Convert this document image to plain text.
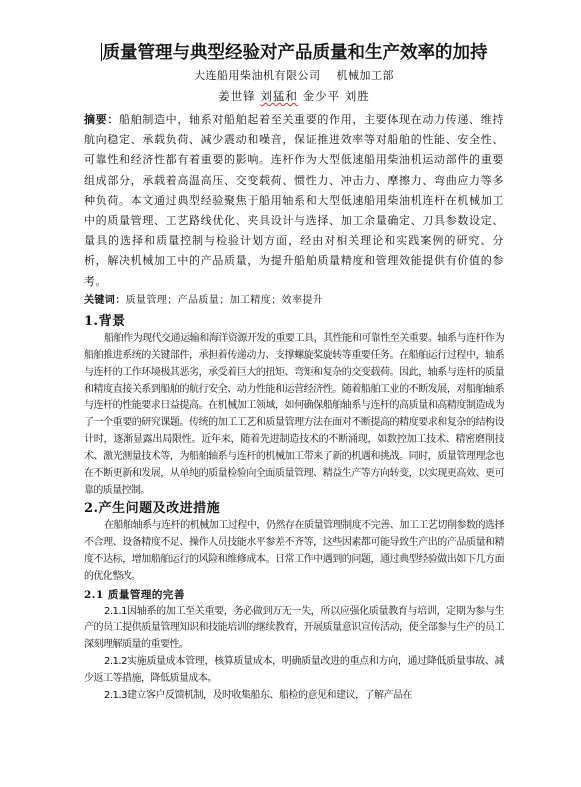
质量管理与典型经验对产品质量和生产效率的加持
大连船用柴油机有限公司 机械加工部
姜世锋 刘猛和 金少平 刘胜

摘要：船舶制造中，轴系对船舶起着至关重要的作用，主要体现在动力传递、维持航向稳定、承载负荷、减少震动和噪音，保证推进效率等对船舶的性能、安全性、可靠性和经济性都有着重要的影响。连杆作为大型低速船用柴油机运动部件的重要组成部分，承载着高温高压、交变载荷、惯性力、冲击力、摩擦力、弯曲应力等多种负荷。本文通过典型经验聚焦于船用轴系和大型低速船用柴油机连杆在机械加工中的质量管理、工艺路线优化、夹具设计与选择、加工余量确定、刀具参数设定、量具的选择和质量控制与检验计划方面，经由对相关理论和实践案例的研究、分析，解决机械加工中的产品质量，为提升船舶质量精度和管理效能提供有价值的参考。

关键词：质量管理；产品质量；加工精度；效率提升

1.背景

船舶作为现代交通运输和海洋资源开发的重要工具，其性能和可靠性至关重要。轴系与连杆作为船舶推进系统的关键部件，承担着传递动力、支撑螺旋桨旋转等重要任务。在船舶运行过程中，轴系与连杆的工作环境极其恶劣，承受着巨大的扭矩、弯矩和复杂的交变载荷。因此，轴系与连杆的质量和精度直接关系到船舶的航行安全、动力性能和运营经济性。随着船舶工业的不断发展，对船舶轴系与连杆的性能要求日益提高。在机械加工领域，如何确保船舶轴系与连杆的高质量和高精度制造成为了一个重要的研究课题。传统的加工工艺和质量管理方法在面对不断提高的精度要求和复杂的结构设计时，逐渐显露出局限性。近年来，随着先进制造技术的不断涌现，如数控加工技术、精密磨削技术、激光测量技术等，为船舶轴系与连杆的机械加工带来了新的机遇和挑战。同时，质量管理理念也在不断更新和发展，从单纯的质量检验向全面质量管理、精益生产等方向转变，以实现更高效、更可靠的质量控制。

2.产生问题及改进措施

在船舶轴系与连杆的机械加工过程中，仍然存在质量管理制度不完善、加工工艺切削参数的选择不合理、设备精度不足、操作人员技能水平参差不齐等，这些因素都可能导致生产出的产品质量和精度不达标，增加船舶运行的风险和维修成本。日常工作中遇到的问题，通过典型经验做出如下几方面的优化整改。

2.1 质量管理的完善

2.1.1因轴系的加工至关重要，务必做到万无一失，所以应强化质量教育与培训，定期为参与生产的员工提供质量管理知识和技能培训的继续教育，开展质量意识宣传活动，使全部参与生产的员工深刻理解质量的重要性。

2.1.2实施质量成本管理，核算质量成本，明确质量改进的重点和方向，通过降低质量事故、减少返工等措施，降低质量成本。

2.1.3建立客户反馈机制，及时收集船东、船检的意见和建议，了解产品在
